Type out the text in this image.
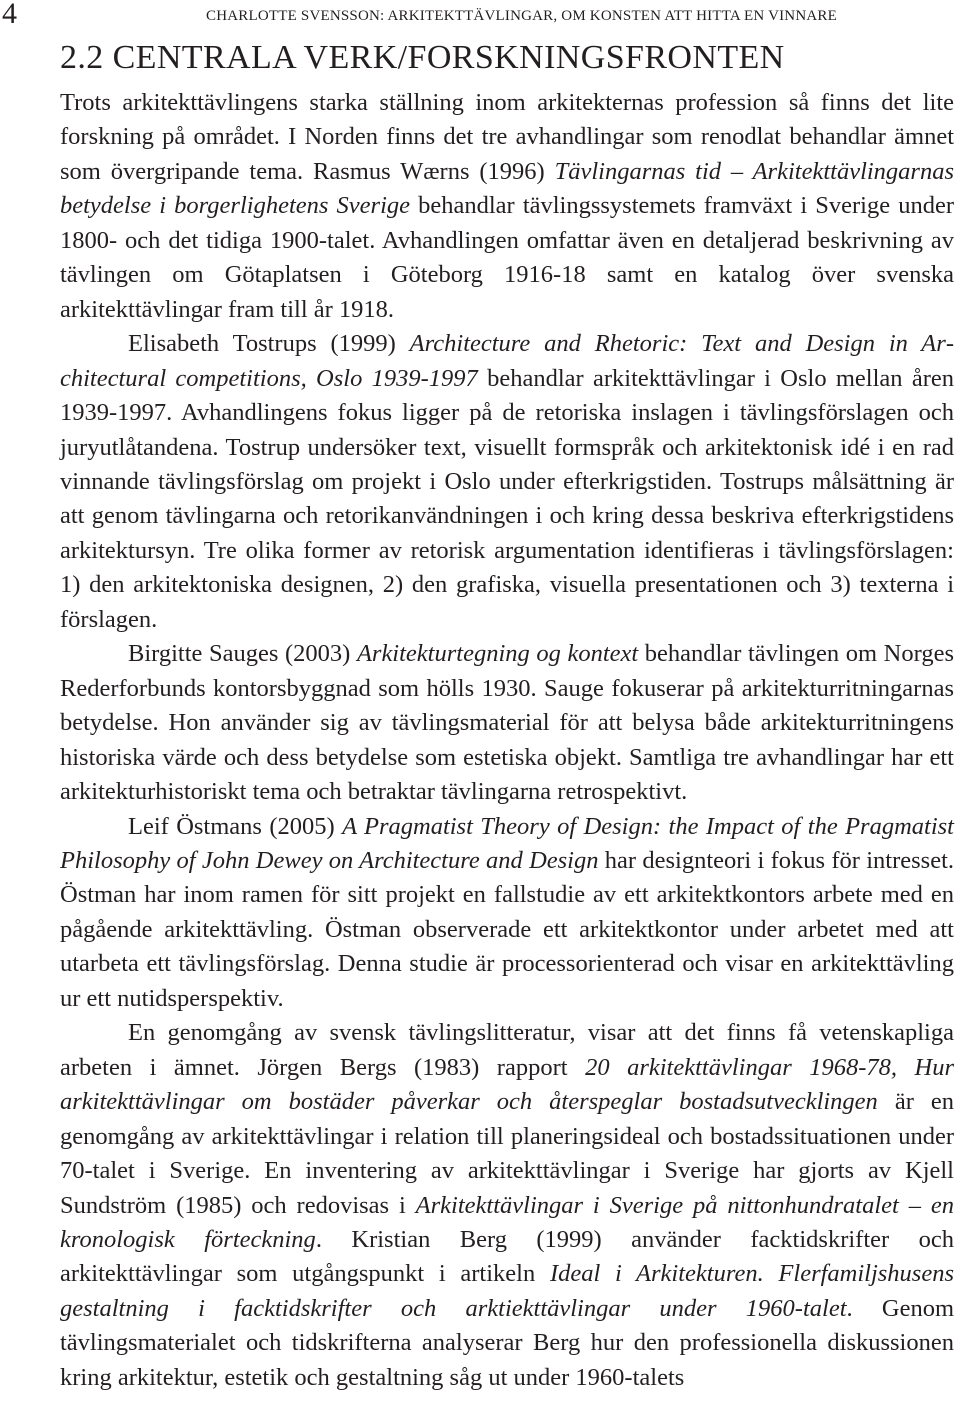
4	CHARLOTTE SVENSSON: ARKITEKTTÄVLINGAR, OM KONSTEN ATT HITTA EN VINNARE
2.2 CENTRALA VERK/FORSKNINGSFRONTEN

Trots arkitekttävlingens starka ställning inom arkitekternas profession så finns det lite forskning på området. I Norden finns det tre avhandlingar som renodlat behandlar ämnet som övergripande tema. Rasmus Wærns (1996) Tävlingarnas tid – Arkitekttävlingarnas betydelse i borgerlighetens Sverige behandlar tävlingssystemets framväxt i Sverige under 1800- och det tidiga 1900-talet. Avhandlingen omfattar även en detaljerad beskrivning av tävlingen om Götaplatsen i Göteborg 1916-18 samt en katalog över svenska arkitekttävlingar fram till år 1918.

Elisabeth Tostrups (1999) Architecture and Rhetoric: Text and Design in Architectural competitions, Oslo 1939-1997 behandlar arkitekttävlingar i Oslo mellan åren 1939-1997. Avhandlingens fokus ligger på de retoriska inslagen i tävlingsförslagen och juryutlåtandena. Tostrup undersöker text, visuellt formspråk och arkitektonisk idé i en rad vinnande tävlingsförslag om projekt i Oslo under efterkrigstiden. Tostrups målsättning är att genom tävlingarna och retorikanvändningen i och kring dessa beskriva efterkrigstidens arkitektursyn. Tre olika former av retorisk argumentation identifieras i tävlingsförslagen: 1) den arkitektoniska designen, 2) den grafiska, visuella presentationen och 3) texterna i förslagen.

Birgitte Sauges (2003) Arkitekturtegning og kontext behandlar tävlingen om Norges Rederforbunds kontorsbyggnad som hölls 1930. Sauge fokuserar på arkitekturritningarnas betydelse. Hon använder sig av tävlingsmaterial för att belysa både arkitekturritningens historiska värde och dess betydelse som estetiska objekt. Samtliga tre avhandlingar har ett arkitekturhistoriskt tema och betraktar tävlingarna retrospektivt.

Leif Östmans (2005) A Pragmatist Theory of Design: the Impact of the Pragmatist Philosophy of John Dewey on Architecture and Design har designteori i fokus för intresset. Östman har inom ramen för sitt projekt en fallstudie av ett arkitektkontors arbete med en pågående arkitekttävling. Östman observerade ett arkitektkontor under arbetet med att utarbeta ett tävlingsförslag. Denna studie är processorienterad och visar en arkitekttävling ur ett nutidsperspektiv.

En genomgång av svensk tävlingslitteratur, visar att det finns få vetenskapliga arbeten i ämnet. Jörgen Bergs (1983) rapport 20 arkitekttävlingar 1968-78, Hur arkitekttävlingar om bostäder påverkar och återspeglar bostadsutvecklingen är en genomgång av arkitekttävlingar i relation till planeringsideal och bostadssituationen under 70-talet i Sverige. En inventering av arkitekttävlingar i Sverige har gjorts av Kjell Sundström (1985) och redovisas i Arkitekttävlingar i Sverige på nittonhundratalet – en kronologisk förteckning. Kristian Berg (1999) använder facktidskrifter och arkitekttävlingar som utgångspunkt i artikeln Ideal i Arkitekturen. Flerfamiljshusens gestaltning i facktidskrifter och arktiekttävlingar under 1960-talet. Genom tävlingsmaterialet och tidskrifterna analyserar Berg hur den professionella diskussionen kring arkitektur, estetik och gestaltning såg ut under 1960-talets
